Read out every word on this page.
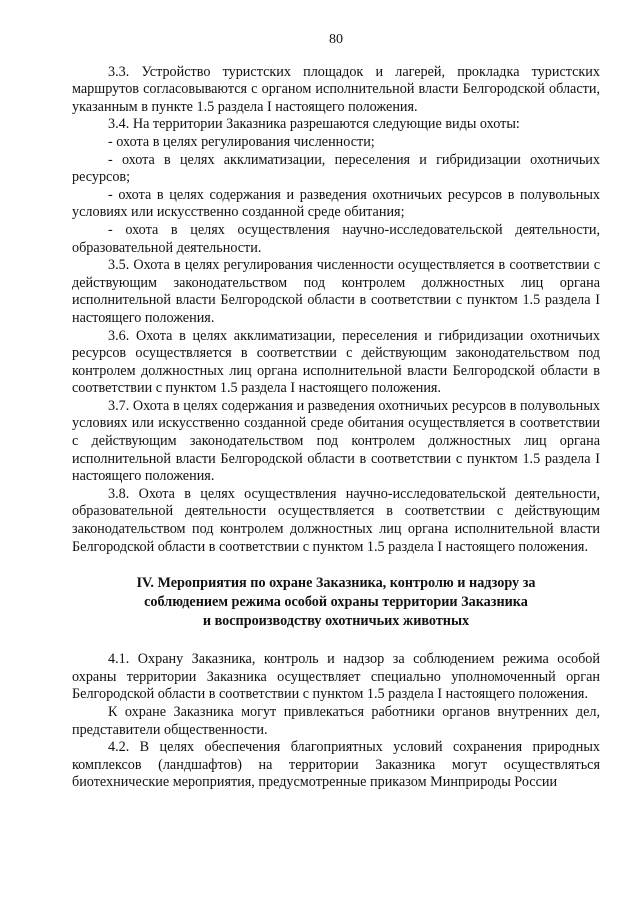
80

3.3. Устройство туристских площадок и лагерей, прокладка туристских маршрутов согласовываются с органом исполнительной власти Белгородской области, указанным в пункте 1.5 раздела I настоящего положения.

3.4. На территории Заказника разрешаются следующие виды охоты:

- охота в целях регулирования численности;

- охота в целях акклиматизации, переселения и гибридизации охотничьих ресурсов;

- охота в целях содержания и разведения охотничьих ресурсов в полувольных условиях или искусственно созданной среде обитания;

- охота в целях осуществления научно-исследовательской деятельности, образовательной деятельности.

3.5. Охота в целях регулирования численности осуществляется в соответствии с действующим законодательством под контролем должностных лиц органа исполнительной власти Белгородской области в соответствии с пунктом 1.5 раздела I настоящего положения.

3.6. Охота в целях акклиматизации, переселения и гибридизации охотничьих ресурсов осуществляется в соответствии с действующим законодательством под контролем должностных лиц органа исполнительной власти Белгородской области в соответствии с пунктом 1.5 раздела I настоящего положения.

3.7. Охота в целях содержания и разведения охотничьих ресурсов в полувольных условиях или искусственно созданной среде обитания осуществляется в соответствии с действующим законодательством под контролем должностных лиц органа исполнительной власти Белгородской области в соответствии с пунктом 1.5 раздела I настоящего положения.

3.8. Охота в целях осуществления научно-исследовательской деятельности, образовательной деятельности осуществляется в соответствии с действующим законодательством под контролем должностных лиц органа исполнительной власти Белгородской области в соответствии с пунктом 1.5 раздела I настоящего положения.

IV. Мероприятия по охране Заказника, контролю и надзору за
соблюдением режима особой охраны территории Заказника
и воспроизводству охотничьих животных

4.1. Охрану Заказника, контроль и надзор за соблюдением режима особой охраны территории Заказника осуществляет специально уполномоченный орган Белгородской области в соответствии с пунктом 1.5 раздела I настоящего положения.

К охране Заказника могут привлекаться работники органов внутренних дел, представители общественности.

4.2. В целях обеспечения благоприятных условий сохранения природных комплексов (ландшафтов) на территории Заказника могут осуществляться биотехнические мероприятия, предусмотренные приказом Минприроды России
